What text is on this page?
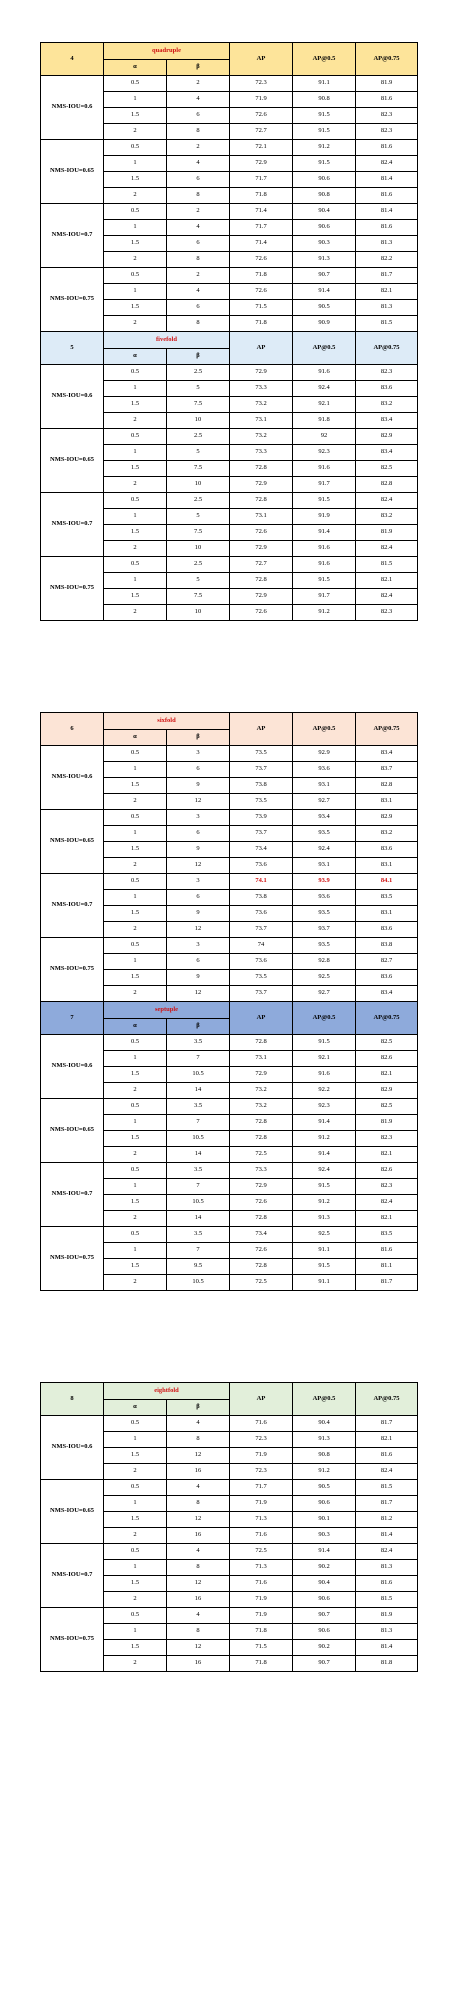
4	quadruple		AP	AP@0.5	AP@0.75
	α	β			
NMS-IOU=0.6	0.5	2	72.3	91.1	81.9
	1	4	71.9	90.8	81.6
	1.5	6	72.6	91.5	82.3
	2	8	72.7	91.5	82.3
NMS-IOU=0.65	0.5	2	72.1	91.2	81.6
	1	4	72.9	91.5	82.4
	1.5	6	71.7	90.6	81.4
	2	8	71.8	90.8	81.6
NMS-IOU=0.7	0.5	2	71.4	90.4	81.4
	1	4	71.7	90.6	81.6
	1.5	6	71.4	90.3	81.3
	2	8	72.6	91.3	82.2
NMS-IOU=0.75	0.5	2	71.8	90.7	81.7
	1	4	72.6	91.4	82.1
	1.5	6	71.5	90.5	81.3
	2	8	71.8	90.9	81.5
5	fivefold		AP	AP@0.5	AP@0.75
	α	β			
NMS-IOU=0.6	0.5	2.5	72.9	91.6	82.3
	1	5	73.3	92.4	83.6
	1.5	7.5	73.2	92.1	83.2
	2	10	73.1	91.8	83.4
NMS-IOU=0.65	0.5	2.5	73.2	92	82.9
	1	5	73.3	92.3	83.4
	1.5	7.5	72.8	91.6	82.5
	2	10	72.9	91.7	82.8
NMS-IOU=0.7	0.5	2.5	72.8	91.5	82.4
	1	5	73.1	91.9	83.2
	1.5	7.5	72.6	91.4	81.9
	2	10	72.9	91.6	82.4
NMS-IOU=0.75	0.5	2.5	72.7	91.6	81.5
	1	5	72.8	91.5	82.1
	1.5	7.5	72.9	91.7	82.4
	2	10	72.6	91.2	82.3
6	sixfold		AP	AP@0.5	AP@0.75
	α	β			
NMS-IOU=0.6	0.5	3	73.5	92.9	83.4
	1	6	73.7	93.6	83.7
	1.5	9	73.8	93.1	82.8
	2	12	73.5	92.7	83.1
NMS-IOU=0.65	0.5	3	73.9	93.4	82.9
	1	6	73.7	93.5	83.2
	1.5	9	73.4	92.4	83.6
	2	12	73.6	93.1	83.1
NMS-IOU=0.7	0.5	3	74.1	93.9	84.1
	1	6	73.8	93.6	83.5
	1.5	9	73.6	93.5	83.1
	2	12	73.7	93.7	83.6
NMS-IOU=0.75	0.5	3	74	93.5	83.8
	1	6	73.6	92.8	82.7
	1.5	9	73.5	92.5	83.6
	2	12	73.7	92.7	83.4
7	septuple		AP	AP@0.5	AP@0.75
	α	β			
NMS-IOU=0.6	0.5	3.5	72.8	91.5	82.5
	1	7	73.1	92.1	82.6
	1.5	10.5	72.9	91.6	82.1
	2	14	73.2	92.2	82.9
NMS-IOU=0.65	0.5	3.5	73.2	92.3	82.5
	1	7	72.8	91.4	81.9
	1.5	10.5	72.8	91.2	82.3
	2	14	72.5	91.4	82.1
NMS-IOU=0.7	0.5	3.5	73.3	92.4	82.6
	1	7	72.9	91.5	82.3
	1.5	10.5	72.6	91.2	82.4
	2	14	72.8	91.3	82.1
NMS-IOU=0.75	0.5	3.5	73.4	92.5	83.5
	1	7	72.6	91.1	81.6
	1.5	9.5	72.8	91.5	81.1
	2	10.5	72.5	91.1	81.7
8	eightfold		AP	AP@0.5	AP@0.75
	α	β			
NMS-IOU=0.6	0.5	4	71.6	90.4	81.7
	1	8	72.3	91.3	82.1
	1.5	12	71.9	90.8	81.6
	2	16	72.3	91.2	82.4
NMS-IOU=0.65	0.5	4	71.7	90.5	81.5
	1	8	71.9	90.6	81.7
	1.5	12	71.3	90.1	81.2
	2	16	71.6	90.3	81.4
NMS-IOU=0.7	0.5	4	72.5	91.4	82.4
	1	8	71.3	90.2	81.3
	1.5	12	71.6	90.4	81.6
	2	16	71.9	90.6	81.5
NMS-IOU=0.75	0.5	4	71.9	90.7	81.9
	1	8	71.8	90.6	81.3
	1.5	12	71.5	90.2	81.4
	2	16	71.8	90.7	81.8
